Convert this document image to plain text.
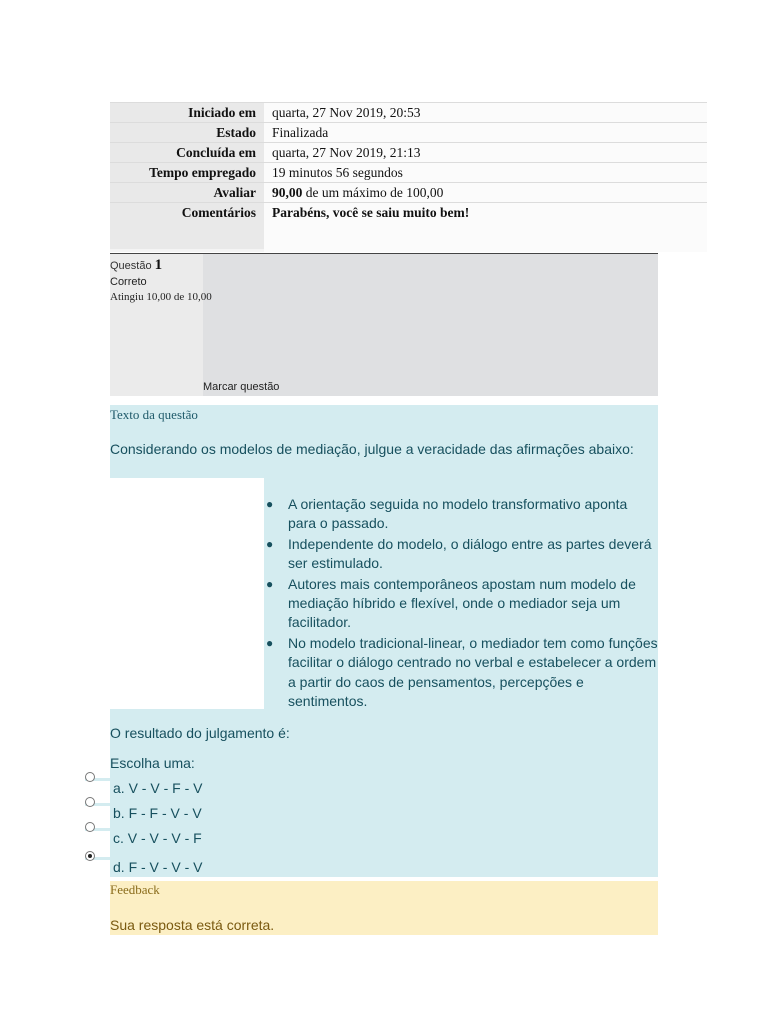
Iniciado em	quarta, 27 Nov 2019, 20:53
Estado	Finalizada
Concluída em	quarta, 27 Nov 2019, 21:13
Tempo empregado	19 minutos 56 segundos
Avaliar	90,00 de um máximo de 100,00
Comentários	Parabéns, você se saiu muito bem!
Questão 1
Correto
Atingiu 10,00 de 10,00
Marcar questão
Texto da questão
Considerando os modelos de mediação, julgue a veracidade das afirmações abaixo:
● A orientação seguida no modelo transformativo aponta para o passado.
● Independente do modelo, o diálogo entre as partes deverá ser estimulado.
● Autores mais contemporâneos apostam num modelo de mediação híbrido e flexível, onde o mediador seja um facilitador.
● No modelo tradicional-linear, o mediador tem como funções facilitar o diálogo centrado no verbal e estabelecer a ordem a partir do caos de pensamentos, percepções e sentimentos.
O resultado do julgamento é:
Escolha uma:
a. V - V - F - V
b. F - F - V - V
c. V - V - V - F
d. F - V - V - V
Feedback
Sua resposta está correta.
